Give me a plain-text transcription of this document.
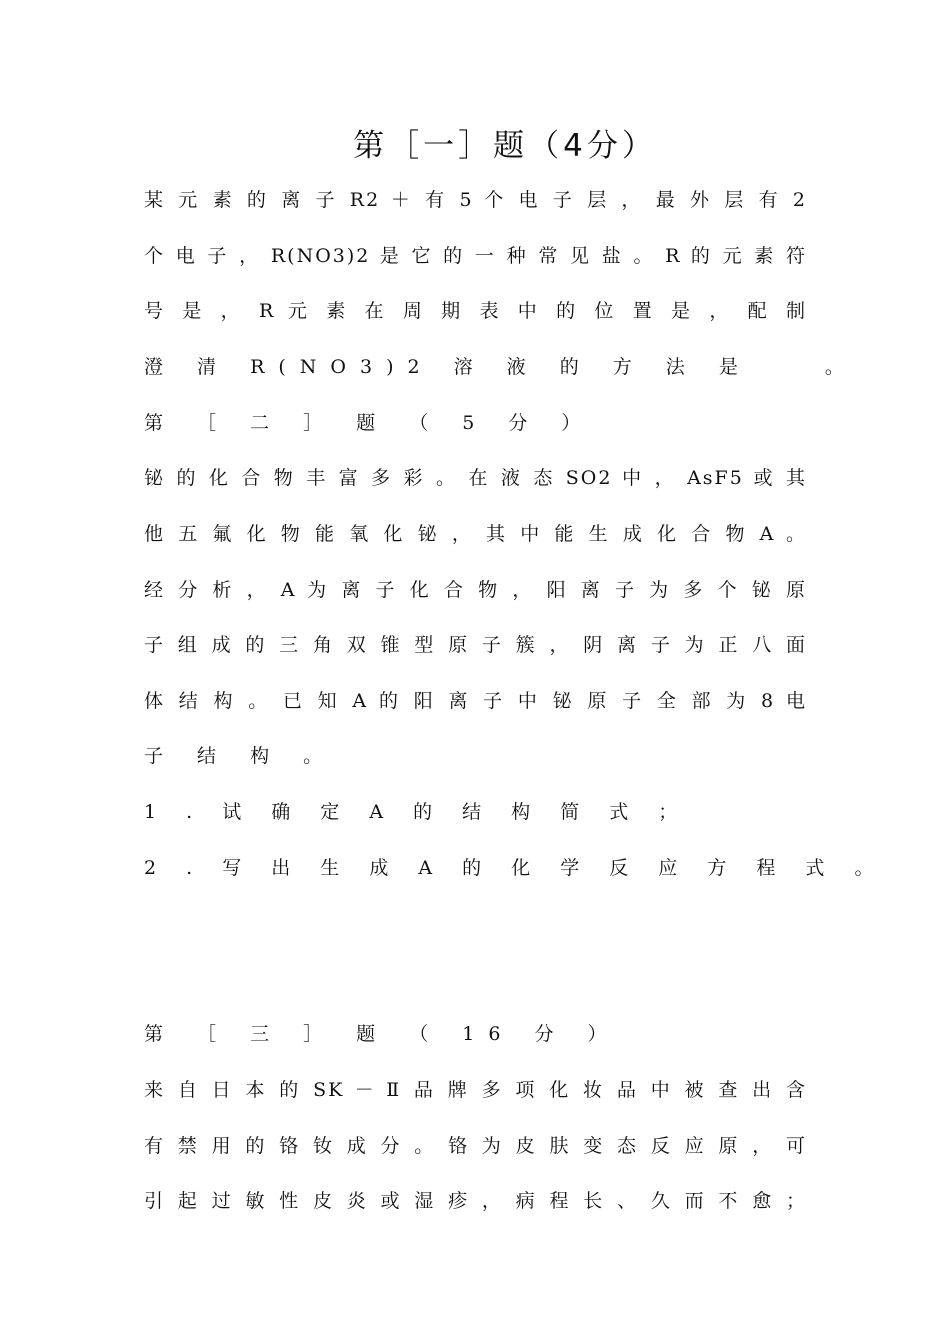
第［一］题（4分）
某 元 素 的 离 子 R2 ＋ 有 5 个 电 子 层 ， 最 外 层 有 2
个 电 子 ， R(NO3)2 是 它 的 一 种 常 见 盐 。 R 的 元 素 符
号 是 ， R 元 素 在 周 期 表 中 的 位 置 是 ， 配 制
澄 清 R(NO3)2 溶 液 的 方 法 是 　 。
第 ［ 二 ］ 题 （ 5 分 ）
铋 的 化 合 物 丰 富 多 彩 。 在 液 态 SO2 中 ， AsF5 或 其
他 五 氟 化 物 能 氧 化 铋 ， 其 中 能 生 成 化 合 物 A 。
经 分 析 ， A 为 离 子 化 合 物 ， 阳 离 子 为 多 个 铋 原
子 组 成 的 三 角 双 锥 型 原 子 簇 ， 阴 离 子 为 正 八 面
体 结 构 。 已 知 A 的 阳 离 子 中 铋 原 子 全 部 为 8 电
子 结 构 。
1 . 试 确 定 A 的 结 构 简 式 ；
2 . 写 出 生 成 A 的 化 学 反 应 方 程 式 。
第 ［ 三 ］ 题 （ 16 分 ）
来 自 日 本 的 SK － Ⅱ 品 牌 多 项 化 妆 品 中 被 查 出 含
有 禁 用 的 铬 钕 成 分 。 铬 为 皮 肤 变 态 反 应 原 ， 可
引 起 过 敏 性 皮 炎 或 湿 疹 ， 病 程 长 、 久 而 不 愈 ；
